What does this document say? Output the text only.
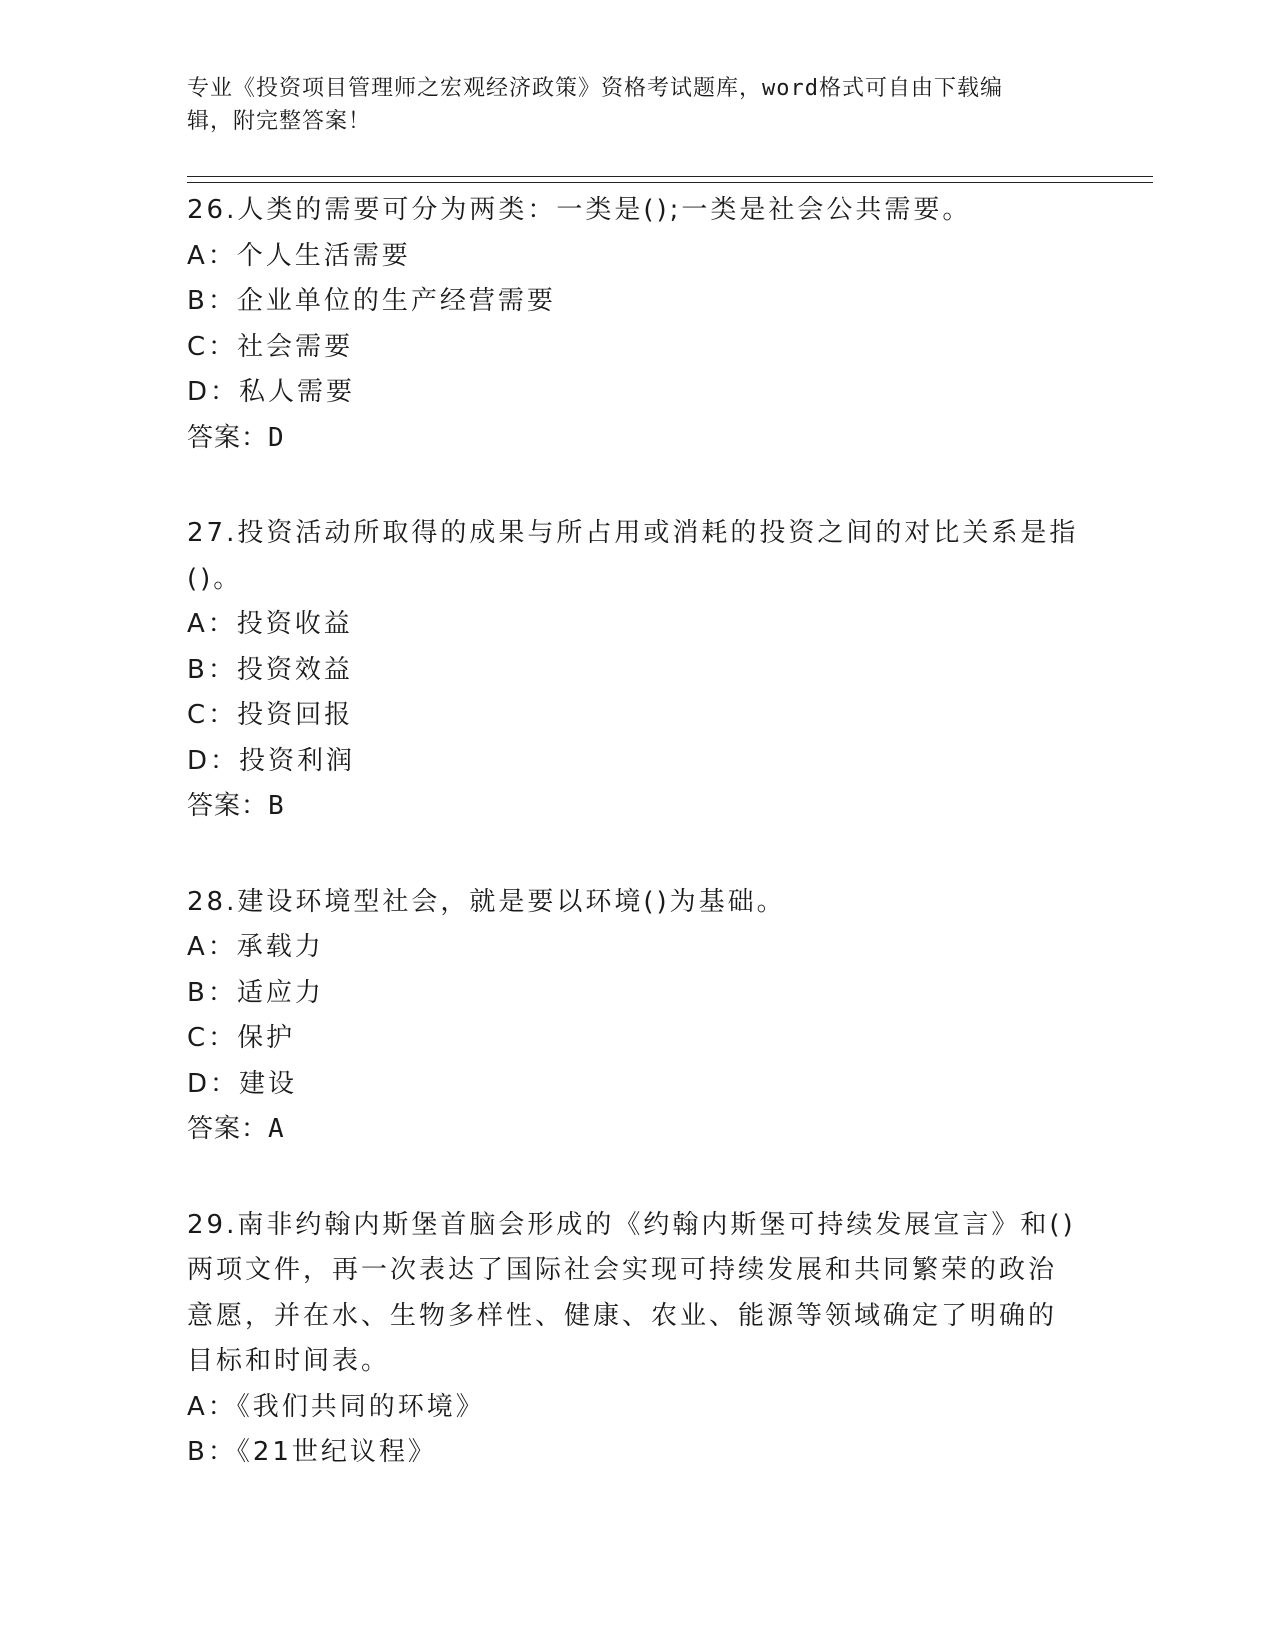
专业《投资项目管理师之宏观经济政策》资格考试题库，word格式可自由下载编
辑，附完整答案！
26.人类的需要可分为两类：一类是();一类是社会公共需要。
A：个人生活需要
B：企业单位的生产经营需要
C：社会需要
D：私人需要
答案：D
27.投资活动所取得的成果与所占用或消耗的投资之间的对比关系是指
()。
A：投资收益
B：投资效益
C：投资回报
D：投资利润
答案：B
28.建设环境型社会，就是要以环境()为基础。
A：承载力
B：适应力
C：保护
D：建设
答案：A
29.南非约翰内斯堡首脑会形成的《约翰内斯堡可持续发展宣言》和()
两项文件，再一次表达了国际社会实现可持续发展和共同繁荣的政治
意愿，并在水、生物多样性、健康、农业、能源等领域确定了明确的
目标和时间表。
A：《我们共同的环境》
B：《21世纪议程》
